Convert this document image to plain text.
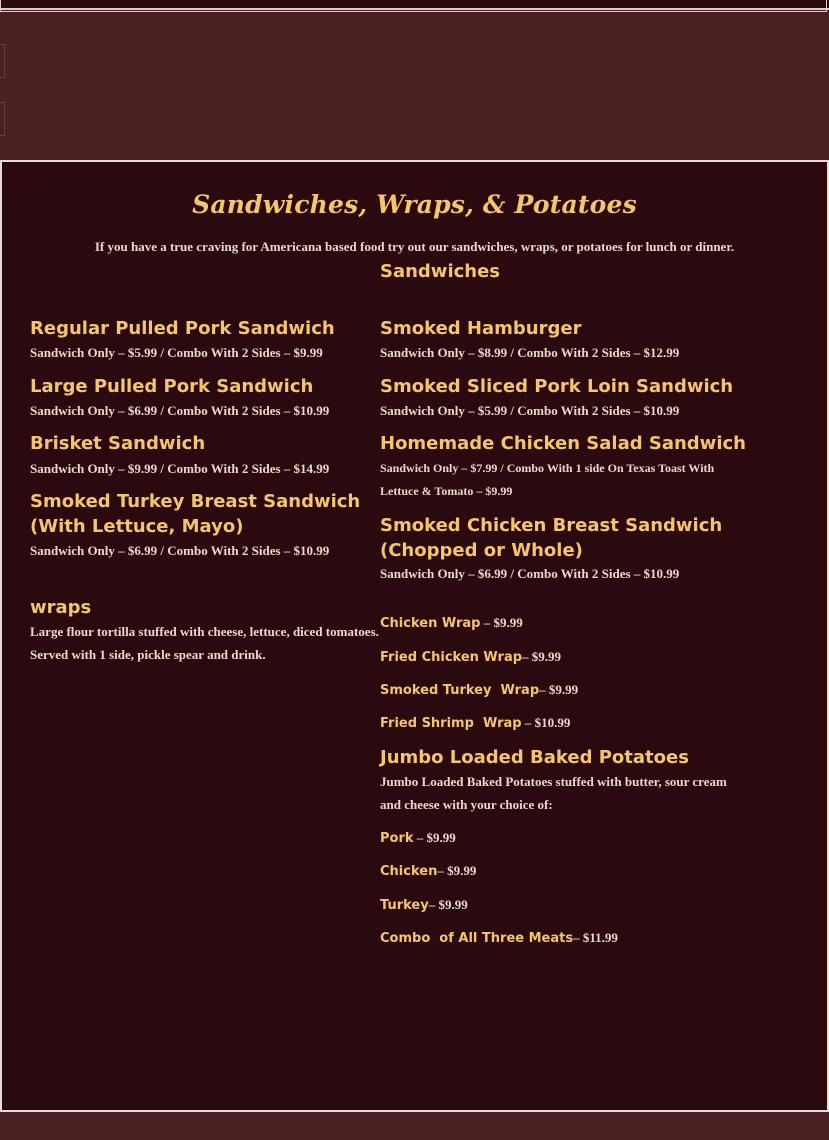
Sandwiches, Wraps, & Potatoes
If you have a true craving for Americana based food try out our sandwiches, wraps, or potatoes for lunch or dinner.
Sandwiches
Regular Pulled Pork Sandwich
Sandwich Only – $5.99 / Combo With 2 Sides – $9.99
Large Pulled Pork Sandwich
Sandwich Only – $6.99 / Combo With 2 Sides – $10.99
Brisket Sandwich
Sandwich Only – $9.99 / Combo With 2 Sides – $14.99
Smoked Turkey Breast Sandwich (With Lettuce, Mayo)
Sandwich Only – $6.99 / Combo With 2 Sides – $10.99
wraps
Large flour tortilla stuffed with cheese, lettuce, diced tomatoes. Served with 1 side, pickle spear and drink.
Smoked Hamburger
Sandwich Only – $8.99 / Combo With 2 Sides – $12.99
Smoked Sliced Pork Loin Sandwich
Sandwich Only – $5.99 / Combo With 2 Sides – $10.99
Homemade Chicken Salad Sandwich
Sandwich Only – $7.99 / Combo With 1 side On Texas Toast With Lettuce & Tomato – $9.99
Smoked Chicken Breast Sandwich (Chopped or Whole)
Sandwich Only – $6.99 / Combo With 2 Sides – $10.99
Chicken Wrap – $9.99
Fried Chicken Wrap– $9.99
Smoked Turkey  Wrap– $9.99
Fried Shrimp  Wrap – $10.99
Jumbo Loaded Baked Potatoes
Jumbo Loaded Baked Potatoes stuffed with butter, sour cream and cheese with your choice of:
Pork – $9.99
Chicken– $9.99
Turkey– $9.99
Combo  of All Three Meats– $11.99
